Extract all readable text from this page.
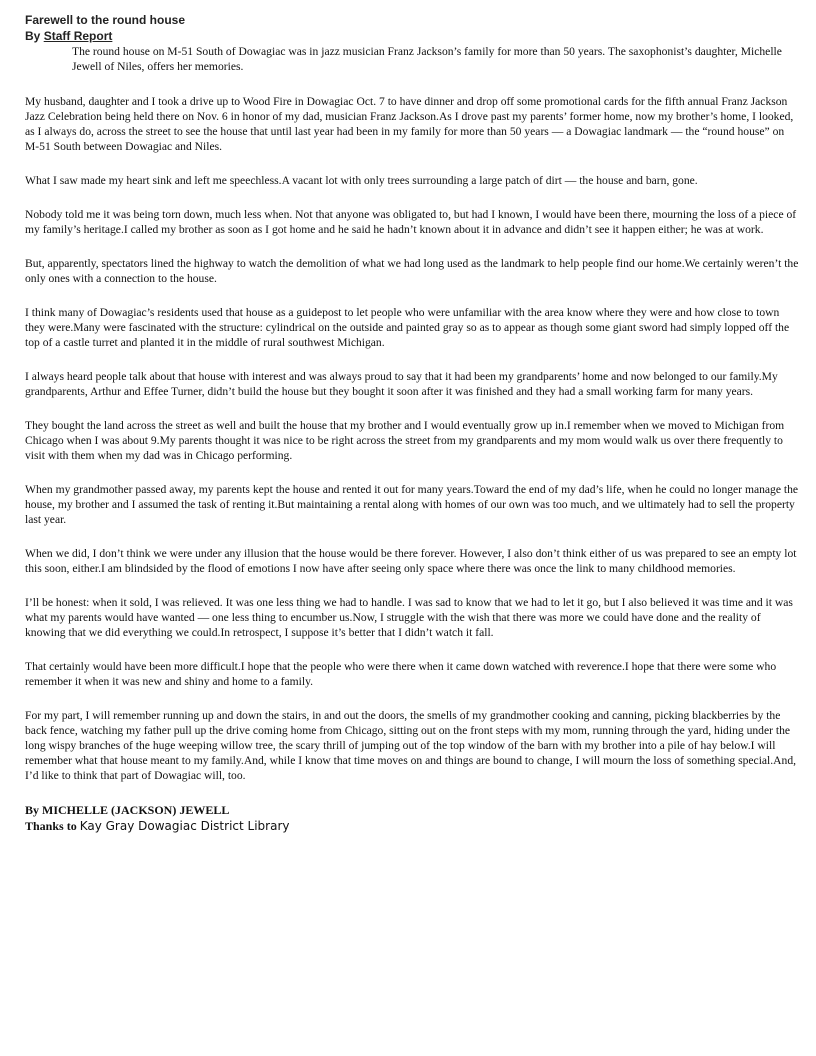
Farewell to the round house
By Staff Report

The round house on M-51 South of Dowagiac was in jazz musician Franz Jackson’s family for more than 50 years. The saxophonist’s daughter, Michelle Jewell of Niles, offers her memories.

My husband, daughter and I took a drive up to Wood Fire in Dowagiac Oct. 7 to have dinner and drop off some promotional cards for the fifth annual Franz Jackson Jazz Celebration being held there on Nov. 6 in honor of my dad, musician Franz Jackson.As I drove past my parents’ former home, now my brother’s home, I looked, as I always do, across the street to see the house that until last year had been in my family for more than 50 years — a Dowagiac landmark — the “round house” on M-51 South between Dowagiac and Niles.

What I saw made my heart sink and left me speechless.A vacant lot with only trees surrounding a large patch of dirt — the house and barn, gone.

Nobody told me it was being torn down, much less when. Not that anyone was obligated to, but had I known, I would have been there, mourning the loss of a piece of my family’s heritage.I called my brother as soon as I got home and he said he hadn’t known about it in advance and didn’t see it happen either; he was at work.

But, apparently, spectators lined the highway to watch the demolition of what we had long used as the landmark to help people find our home.We certainly weren’t the only ones with a connection to the house.

I think many of Dowagiac’s residents used that house as a guidepost to let people who were unfamiliar with the area know where they were and how close to town they were.Many were fascinated with the structure: cylindrical on the outside and painted gray so as to appear as though some giant sword had simply lopped off the top of a castle turret and planted it in the middle of rural southwest Michigan.

I always heard people talk about that house with interest and was always proud to say that it had been my grandparents’ home and now belonged to our family.My grandparents, Arthur and Effee Turner, didn’t build the house but they bought it soon after it was finished and they had a small working farm for many years.

They bought the land across the street as well and built the house that my brother and I would eventually grow up in.I remember when we moved to Michigan from Chicago when I was about 9.My parents thought it was nice to be right across the street from my grandparents and my mom would walk us over there frequently to visit with them when my dad was in Chicago performing.

When my grandmother passed away, my parents kept the house and rented it out for many years.Toward the end of my dad’s life, when he could no longer manage the house, my brother and I assumed the task of renting it.But maintaining a rental along with homes of our own was too much, and we ultimately had to sell the property last year.

When we did, I don’t think we were under any illusion that the house would be there forever. However, I also don’t think either of us was prepared to see an empty lot this soon, either.I am blindsided by the flood of emotions I now have after seeing only space where there was once the link to many childhood memories.

I’ll be honest: when it sold, I was relieved. It was one less thing we had to handle. I was sad to know that we had to let it go, but I also believed it was time and it was what my parents would have wanted — one less thing to encumber us.Now, I struggle with the wish that there was more we could have done and the reality of knowing that we did everything we could.In retrospect, I suppose it’s better that I didn’t watch it fall.

That certainly would have been more difficult.I hope that the people who were there when it came down watched with reverence.I hope that there were some who remember it when it was new and shiny and home to a family.

For my part, I will remember running up and down the stairs, in and out the doors, the smells of my grandmother cooking and canning, picking blackberries by the back fence, watching my father pull up the drive coming home from Chicago, sitting out on the front steps with my mom, running through the yard, hiding under the long wispy branches of the huge weeping willow tree, the scary thrill of jumping out of the top window of the barn with my brother into a pile of hay below.I will remember what that house meant to my family.And, while I know that time moves on and things are bound to change, I will mourn the loss of something special.And, I’d like to think that part of Dowagiac will, too.

By MICHELLE (JACKSON) JEWELL

Thanks to Kay Gray Dowagiac District Library
